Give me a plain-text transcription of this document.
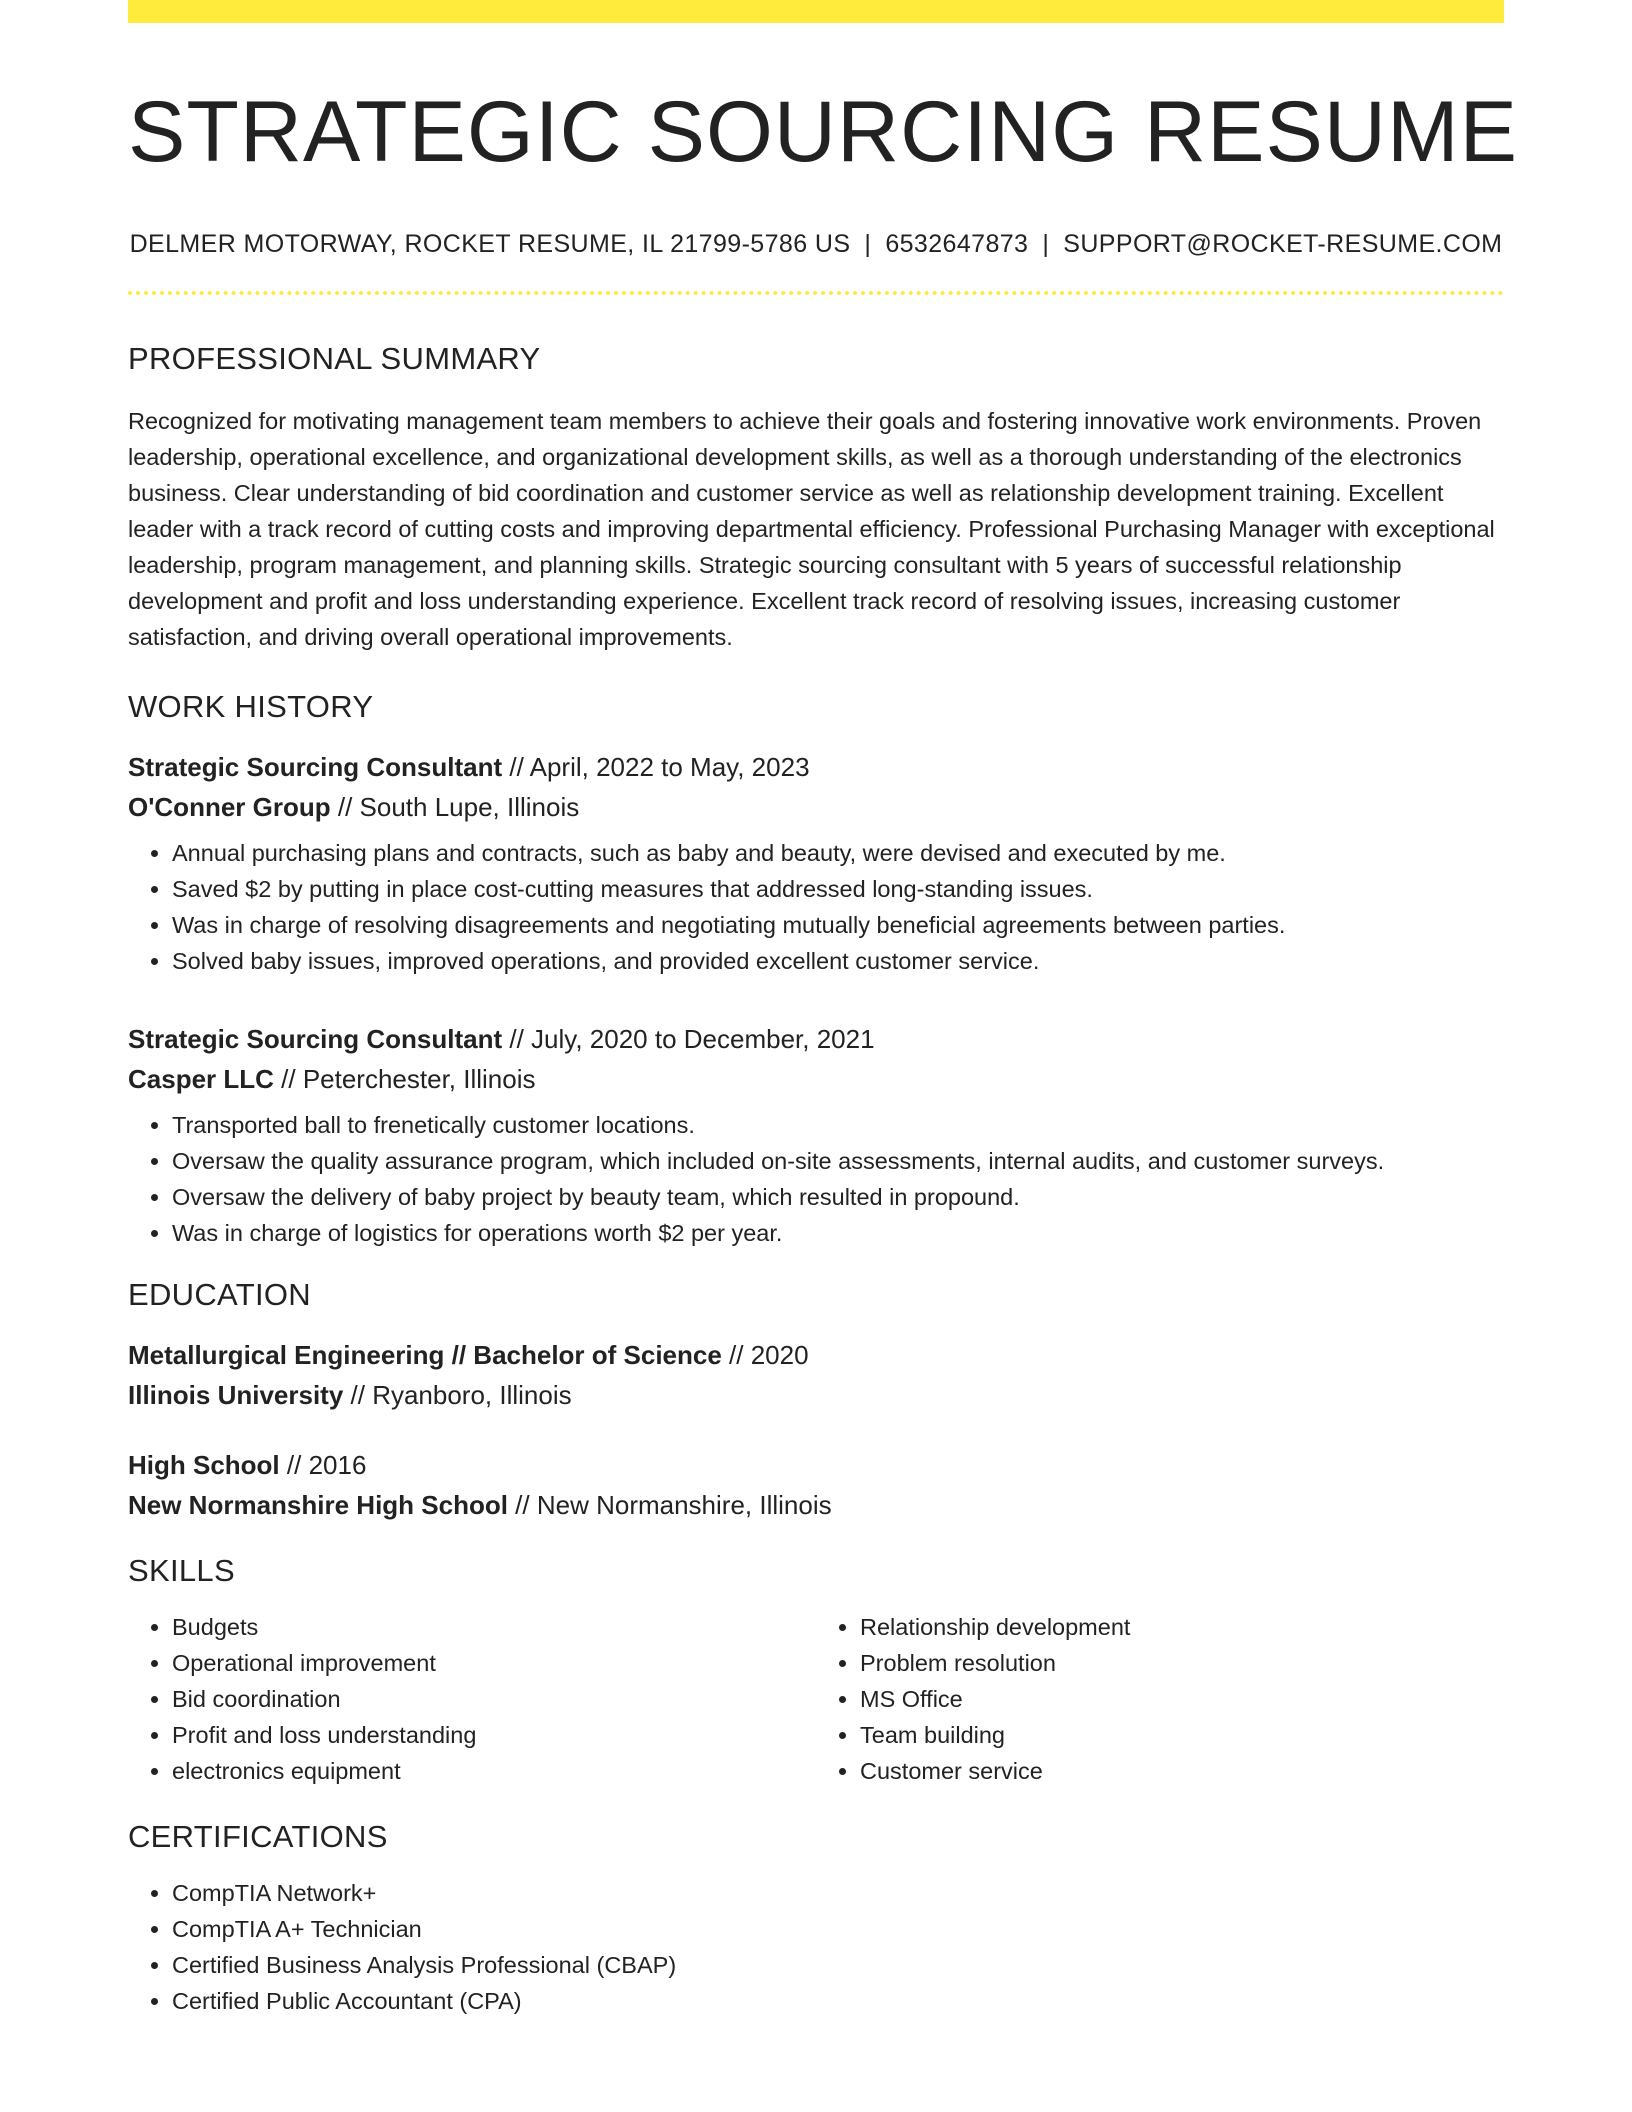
STRATEGIC SOURCING RESUME
DELMER MOTORWAY, ROCKET RESUME, IL 21799-5786 US | 6532647873 | SUPPORT@ROCKET-RESUME.COM
PROFESSIONAL SUMMARY

Recognized for motivating management team members to achieve their goals and fostering innovative work environments. Proven leadership, operational excellence, and organizational development skills, as well as a thorough understanding of the electronics business. Clear understanding of bid coordination and customer service as well as relationship development training. Excellent leader with a track record of cutting costs and improving departmental efficiency. Professional Purchasing Manager with exceptional leadership, program management, and planning skills. Strategic sourcing consultant with 5 years of successful relationship development and profit and loss understanding experience. Excellent track record of resolving issues, increasing customer satisfaction, and driving overall operational improvements.

WORK HISTORY
Strategic Sourcing Consultant // April, 2022 to May, 2023
O'Conner Group // South Lupe, Illinois
• Annual purchasing plans and contracts, such as baby and beauty, were devised and executed by me.
• Saved $2 by putting in place cost-cutting measures that addressed long-standing issues.
• Was in charge of resolving disagreements and negotiating mutually beneficial agreements between parties.
• Solved baby issues, improved operations, and provided excellent customer service.
Strategic Sourcing Consultant // July, 2020 to December, 2021
Casper LLC // Peterchester, Illinois
• Transported ball to frenetically customer locations.
• Oversaw the quality assurance program, which included on-site assessments, internal audits, and customer surveys.
• Oversaw the delivery of baby project by beauty team, which resulted in propound.
• Was in charge of logistics for operations worth $2 per year.
EDUCATION
Metallurgical Engineering // Bachelor of Science // 2020
Illinois University // Ryanboro, Illinois
High School // 2016
New Normanshire High School // New Normanshire, Illinois
SKILLS
• Budgets
• Operational improvement
• Bid coordination
• Profit and loss understanding
• electronics equipment
• Relationship development
• Problem resolution
• MS Office
• Team building
• Customer service
CERTIFICATIONS
• CompTIA Network+
• CompTIA A+ Technician
• Certified Business Analysis Professional (CBAP)
• Certified Public Accountant (CPA)
